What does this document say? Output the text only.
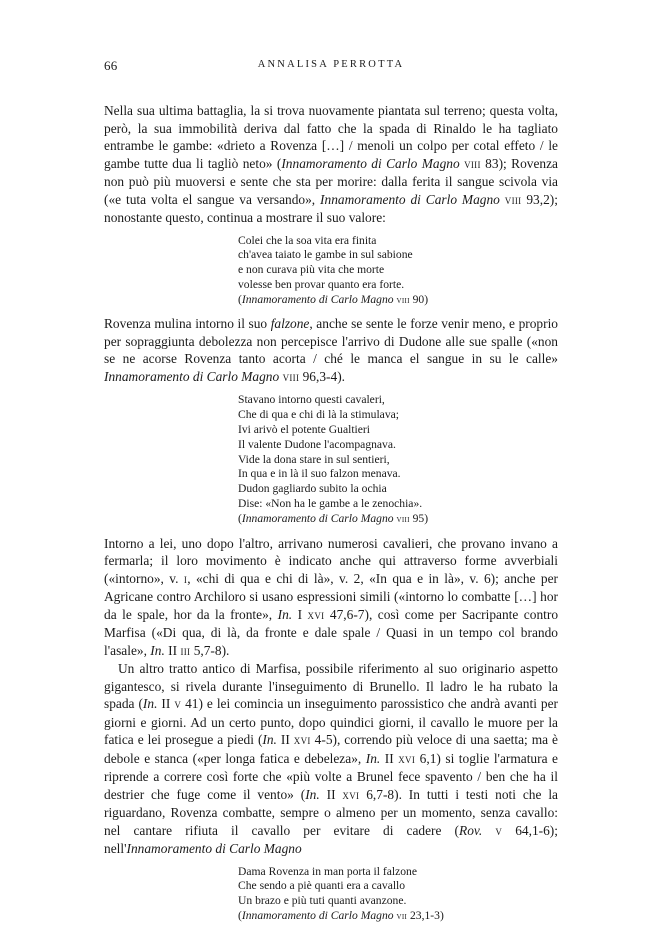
66	ANNALISA PERROTTA

Nella sua ultima battaglia, la si trova nuovamente piantata sul terreno; questa volta, però, la sua immobilità deriva dal fatto che la spada di Rinaldo le ha tagliato entrambe le gambe: «drieto a Rovenza […] / menoli un colpo per cotal effeto / le gambe tutte dua li tagliò neto» (Innamoramento di Carlo Magno viii 83); Rovenza non può più muoversi e sente che sta per morire: dalla ferita il sangue scivola via («e tuta volta el sangue va versando», Innamoramento di Carlo Magno viii 93,2); nonostante questo, continua a mostrare il suo valore:

Colei che la soa vita era finita
ch'avea taiato le gambe in sul sabione
e non curava più vita che morte
volesse ben provar quanto era forte.
(Innamoramento di Carlo Magno viii 90)

Rovenza mulina intorno il suo falzone, anche se sente le forze venir meno, e proprio per sopraggiunta debolezza non percepisce l'arrivo di Dudone alle sue spalle («non se ne acorse Rovenza tanto acorta / ché le manca el sangue in su le calle» Innamoramento di Carlo Magno viii 96,3-4).

Stavano intorno questi cavaleri,
Che di qua e chi di là la stimulava;
Ivi arivò el potente Gualtieri
Il valente Dudone l'acompagnava.
Vide la dona stare in sul sentieri,
In qua e in là il suo falzon menava.
Dudon gagliardo subito la ochia
Dise: «Non ha le gambe a le zenochia».
(Innamoramento di Carlo Magno viii 95)

Intorno a lei, uno dopo l'altro, arrivano numerosi cavalieri, che provano invano a fermarla; il loro movimento è indicato anche qui attraverso forme avverbiali («intorno», v. i, «chi di qua e chi di là», v. 2, «In qua e in là», v. 6); anche per Agricane contro Archiloro si usano espressioni simili («intorno lo combatte […] hor da le spale, hor da la fronte», In. I xvi 47,6-7), così come per Sacripante contro Marfisa («Di qua, di là, da fronte e dale spale / Quasi in un tempo col brando l'asale», In. II iii 5,7-8).

Un altro tratto antico di Marfisa, possibile riferimento al suo originario aspetto gigantesco, si rivela durante l'inseguimento di Brunello. Il ladro le ha rubato la spada (In. II v 41) e lei comincia un inseguimento parossistico che andrà avanti per giorni e giorni. Ad un certo punto, dopo quindici giorni, il cavallo le muore per la fatica e lei prosegue a piedi (In. II xvi 4-5), correndo più veloce di una saetta; ma è debole e stanca («per longa fatica e debeleza», In. II xvi 6,1) si toglie l'armatura e riprende a correre così forte che «più volte a Brunel fece spavento / ben che ha il destrier che fuge come il vento» (In. II xvi 6,7-8). In tutti i testi noti che la riguardano, Rovenza combatte, sempre o almeno per un momento, senza cavallo: nel cantare rifiuta il cavallo per evitare di cadere (Rov. v 64,1-6); nell'Innamoramento di Carlo Magno

Dama Rovenza in man porta il falzone
Che sendo a piè quanti era a cavallo
Un brazo e più tuti quanti avanzone.
(Innamoramento di Carlo Magno vii 23,1-3)
